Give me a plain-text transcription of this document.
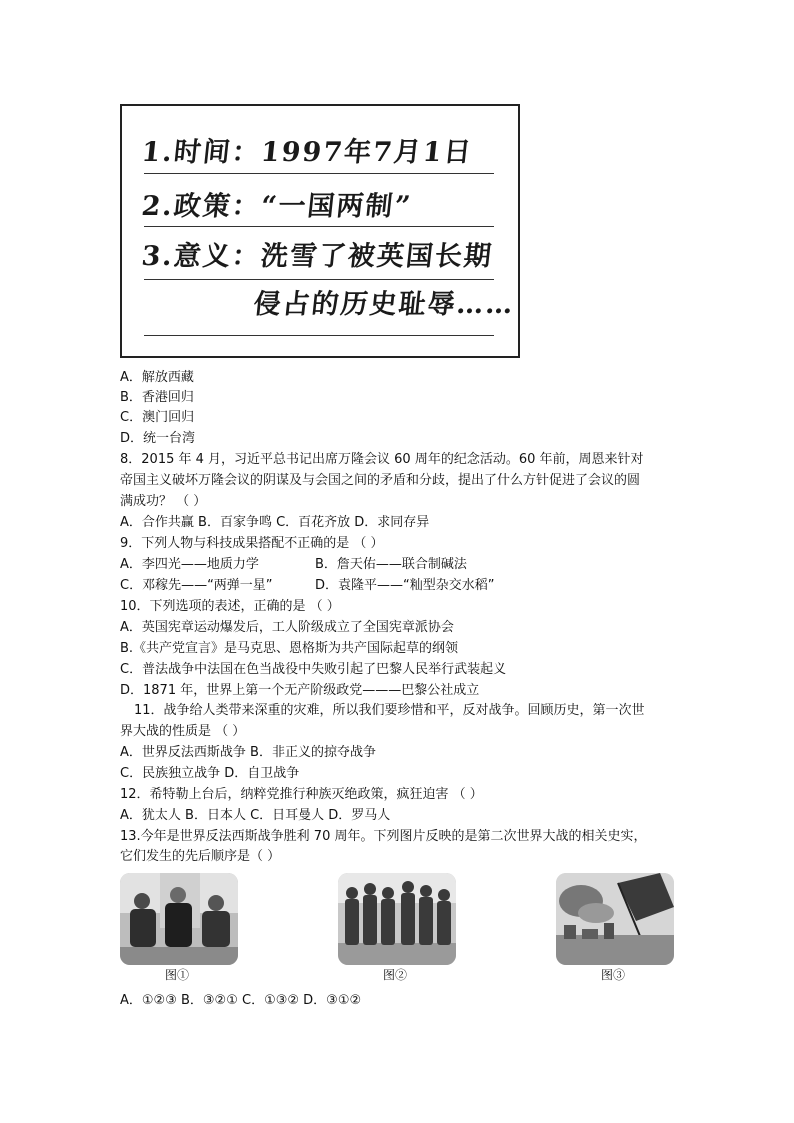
1.时间：1997年7月1日
2.政策：“一国两制”
3.意义：洗雪了被英国长期
侵占的历史耻辱……
A．解放西藏
B．香港回归
C．澳门回归
D．统一台湾
8．2015 年 4 月，习近平总书记出席万隆会议 60 周年的纪念活动。60 年前，周恩来针对
帝国主义破坏万隆会议的阴谋及与会国之间的矛盾和分歧，提出了什么方针促进了会议的圆
满成功？ （ ）
A．合作共赢 B．百家争鸣 C．百花齐放 D．求同存异
9．下列人物与科技成果搭配不正确的是 （ ）
A．李四光——地质力学	B．詹天佑——联合制碱法
C．邓稼先——“两弹一星”	D．袁隆平——“籼型杂交水稻”
10．下列选项的表述，正确的是 （ ）
A．英国宪章运动爆发后，工人阶级成立了全国宪章派协会
B.《共产党宣言》是马克思、恩格斯为共产国际起草的纲领
C．普法战争中法国在色当战役中失败引起了巴黎人民举行武装起义
D．1871 年，世界上第一个无产阶级政党———巴黎公社成立
11．战争给人类带来深重的灾难，所以我们要珍惜和平，反对战争。回顾历史，第一次世
界大战的性质是 （ ）
A．世界反法西斯战争 B．非正义的掠夺战争
C．民族独立战争 D．自卫战争
12．希特勒上台后，纳粹党推行种族灭绝政策，疯狂迫害 （ ）
A．犹太人 B．日本人 C．日耳曼人 D．罗马人
13.今年是世界反法西斯战争胜利 70 周年。下列图片反映的是第二次世界大战的相关史实，
它们发生的先后顺序是（ ）
图①	图②	图③
A．①②③ B．③②① C．①③② D．③①②
